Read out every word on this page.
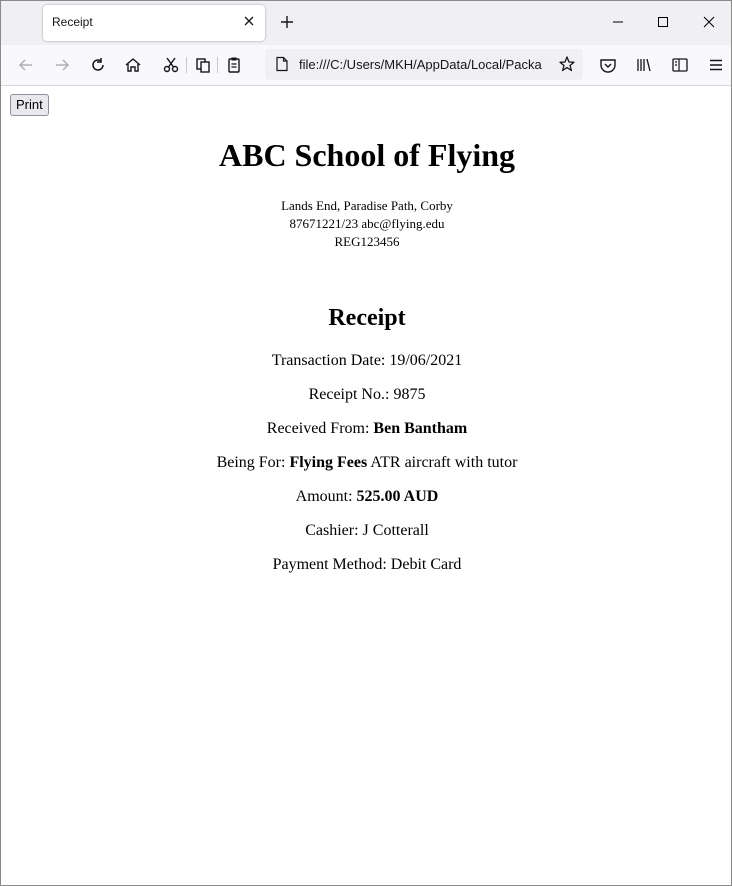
Receipt
file:///C:/Users/MKH/AppData/Local/Packa
Print
ABC School of Flying
Lands End, Paradise Path, Corby
87671221/23 abc@flying.edu
REG123456
Receipt
Transaction Date: 19/06/2021
Receipt No.: 9875
Received From: Ben Bantham
Being For: Flying Fees ATR aircraft with tutor
Amount: 525.00 AUD
Cashier: J Cotterall
Payment Method: Debit Card
